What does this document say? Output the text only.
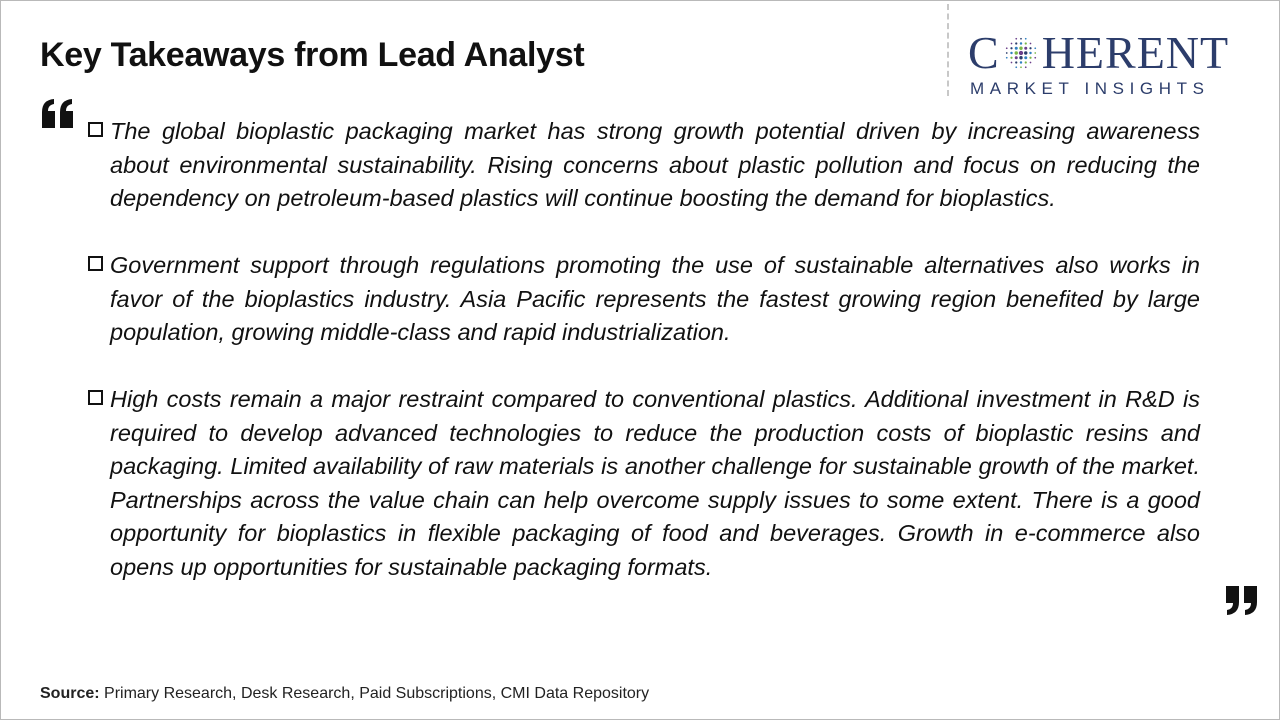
Key Takeaways from Lead Analyst	C HERENT
MARKET INSIGHTS
The global bioplastic packaging market has strong growth potential driven by increasing awareness about environmental sustainability. Rising concerns about plastic pollution and focus on reducing the dependency on petroleum-based plastics will continue boosting the demand for bioplastics.
Government support through regulations promoting the use of sustainable alternatives also works in favor of the bioplastics industry. Asia Pacific represents the fastest growing region benefited by large population, growing middle-class and rapid industrialization.
High costs remain a major restraint compared to conventional plastics. Additional investment in R&D is required to develop advanced technologies to reduce the production costs of bioplastic resins and packaging. Limited availability of raw materials is another challenge for sustainable growth of the market. Partnerships across the value chain can help overcome supply issues to some extent. There is a good opportunity for bioplastics in flexible packaging of food and beverages. Growth in e-commerce also opens up opportunities for sustainable packaging formats.
Source: Primary Research, Desk Research, Paid Subscriptions, CMI Data Repository
